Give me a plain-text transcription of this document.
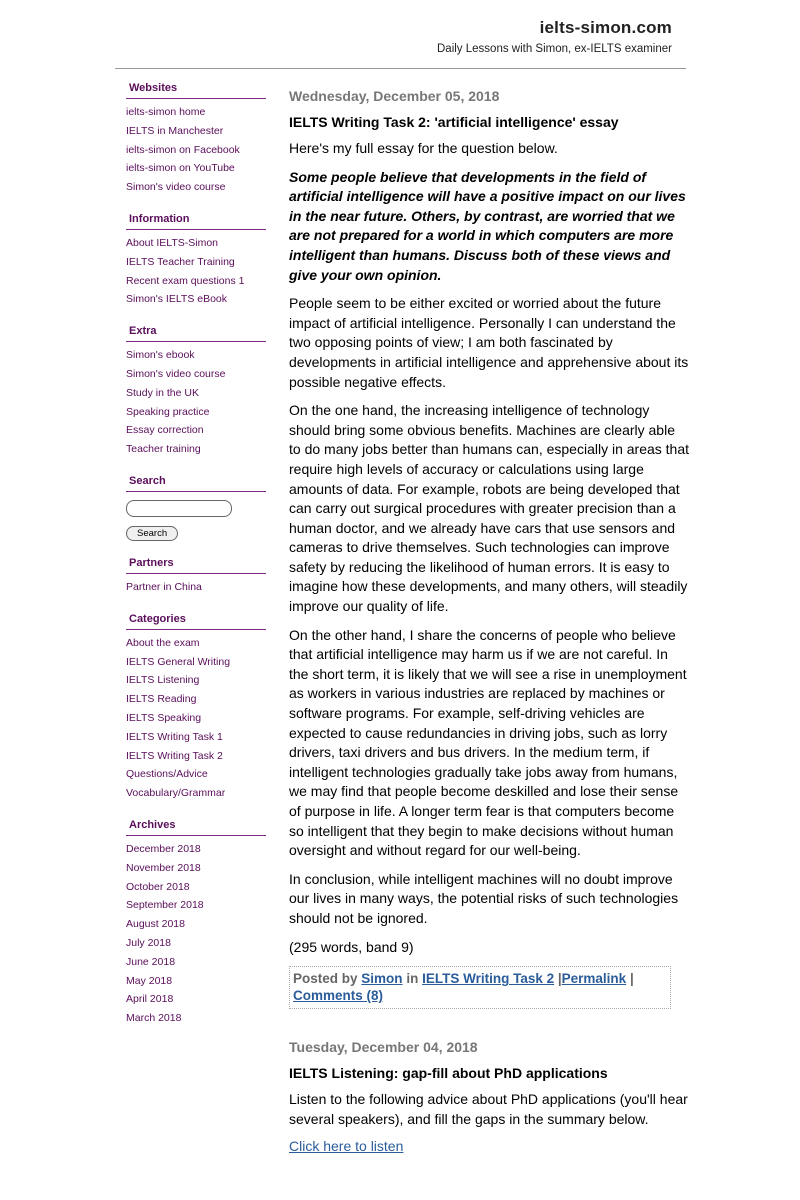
ielts-simon.com
Daily Lessons with Simon, ex-IELTS examiner
Websites
ielts-simon home
IELTS in Manchester
ielts-simon on Facebook
ielts-simon on YouTube
Simon's video course
Information
About IELTS-Simon
IELTS Teacher Training
Recent exam questions 1
Simon's IELTS eBook
Extra
Simon's ebook
Simon's video course
Study in the UK
Speaking practice
Essay correction
Teacher training
Search
Search
Partners
Partner in China
Categories
About the exam
IELTS General Writing
IELTS Listening
IELTS Reading
IELTS Speaking
IELTS Writing Task 1
IELTS Writing Task 2
Questions/Advice
Vocabulary/Grammar
Archives
December 2018
November 2018
October 2018
September 2018
August 2018
July 2018
June 2018
May 2018
April 2018
March 2018
Wednesday, December 05, 2018
IELTS Writing Task 2: 'artificial intelligence' essay

Here's my full essay for the question below.

Some people believe that developments in the field of artificial intelligence will have a positive impact on our lives in the near future. Others, by contrast, are worried that we are not prepared for a world in which computers are more intelligent than humans. Discuss both of these views and give your own opinion.

People seem to be either excited or worried about the future impact of artificial intelligence. Personally I can understand the two opposing points of view; I am both fascinated by developments in artificial intelligence and apprehensive about its possible negative effects.

On the one hand, the increasing intelligence of technology should bring some obvious benefits. Machines are clearly able to do many jobs better than humans can, especially in areas that require high levels of accuracy or calculations using large amounts of data. For example, robots are being developed that can carry out surgical procedures with greater precision than a human doctor, and we already have cars that use sensors and cameras to drive themselves. Such technologies can improve safety by reducing the likelihood of human errors. It is easy to imagine how these developments, and many others, will steadily improve our quality of life.

On the other hand, I share the concerns of people who believe that artificial intelligence may harm us if we are not careful. In the short term, it is likely that we will see a rise in unemployment as workers in various industries are replaced by machines or software programs. For example, self-driving vehicles are expected to cause redundancies in driving jobs, such as lorry drivers, taxi drivers and bus drivers. In the medium term, if intelligent technologies gradually take jobs away from humans, we may find that people become deskilled and lose their sense of purpose in life. A longer term fear is that computers become so intelligent that they begin to make decisions without human oversight and without regard for our well-being.

In conclusion, while intelligent machines will no doubt improve our lives in many ways, the potential risks of such technologies should not be ignored.

(295 words, band 9)

Posted by Simon in IELTS Writing Task 2 |Permalink | Comments (8)
Tuesday, December 04, 2018
IELTS Listening: gap-fill about PhD applications

Listen to the following advice about PhD applications (you'll hear several speakers), and fill the gaps in the summary below.

Click here to listen
